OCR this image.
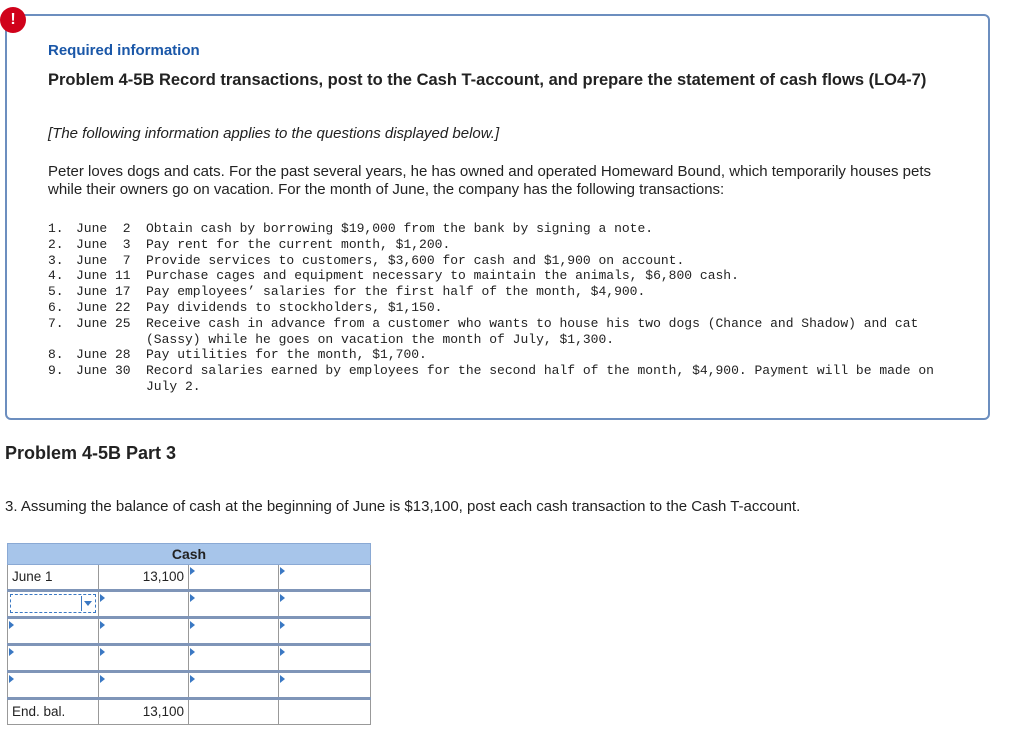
!
Required information
Problem 4-5B Record transactions, post to the Cash T-account, and prepare the statement of cash flows (LO4-7)

[The following information applies to the questions displayed below.]

Peter loves dogs and cats. For the past several years, he has owned and operated Homeward Bound, which temporarily houses pets while their owners go on vacation. For the month of June, the company has the following transactions:

1. June  2	Obtain cash by borrowing $19,000 from the bank by signing a note.
2. June  3	Pay rent for the current month, $1,200.
3. June  7	Provide services to customers, $3,600 for cash and $1,900 on account.
4. June 11	Purchase cages and equipment necessary to maintain the animals, $6,800 cash.
5. June 17	Pay employees’ salaries for the first half of the month, $4,900.
6. June 22	Pay dividends to stockholders, $1,150.
7. June 25	Receive cash in advance from a customer who wants to house his two dogs (Chance and Shadow) and cat (Sassy) while he goes on vacation the month of July, $1,300.
8. June 28	Pay utilities for the month, $1,700.
9. June 30	Record salaries earned by employees for the second half of the month, $4,900. Payment will be made on July 2.
Problem 4-5B Part 3

3. Assuming the balance of cash at the beginning of June is $13,100, post each cash transaction to the Cash T-account.

Cash
June 1	13,100
End. bal.	13,100
